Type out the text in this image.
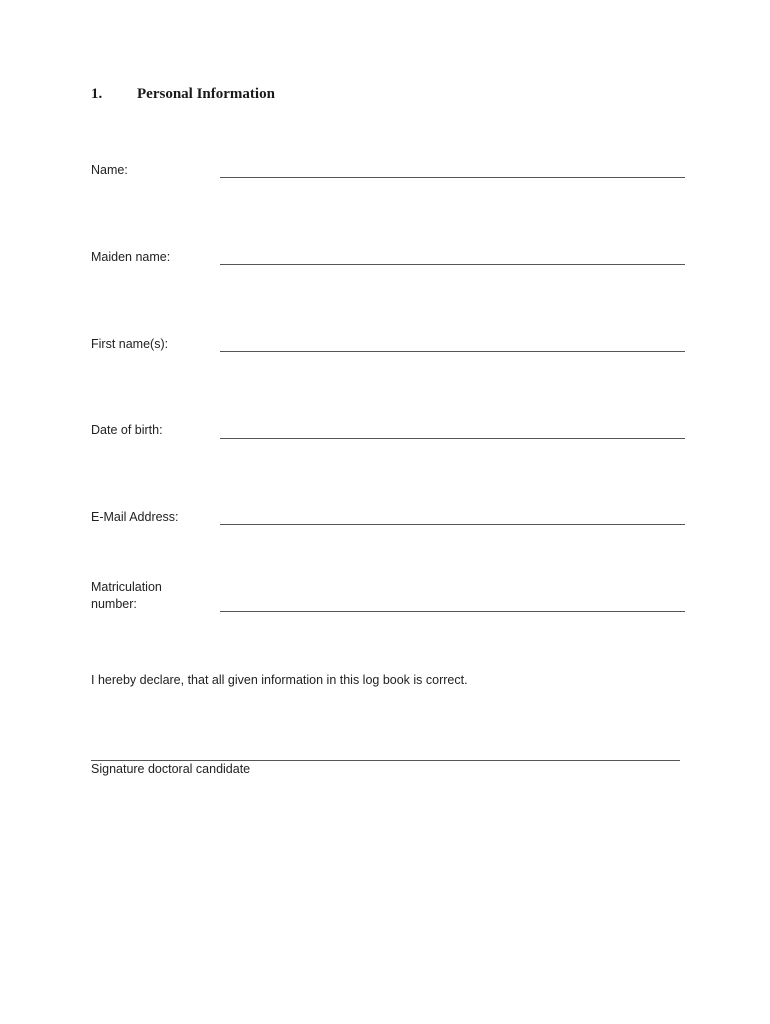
1. Personal Information
Name:
Maiden name:
First name(s):
Date of birth:
E-Mail Address:
Matriculation
number:
I hereby declare, that all given information in this log book is correct.
Signature doctoral candidate
